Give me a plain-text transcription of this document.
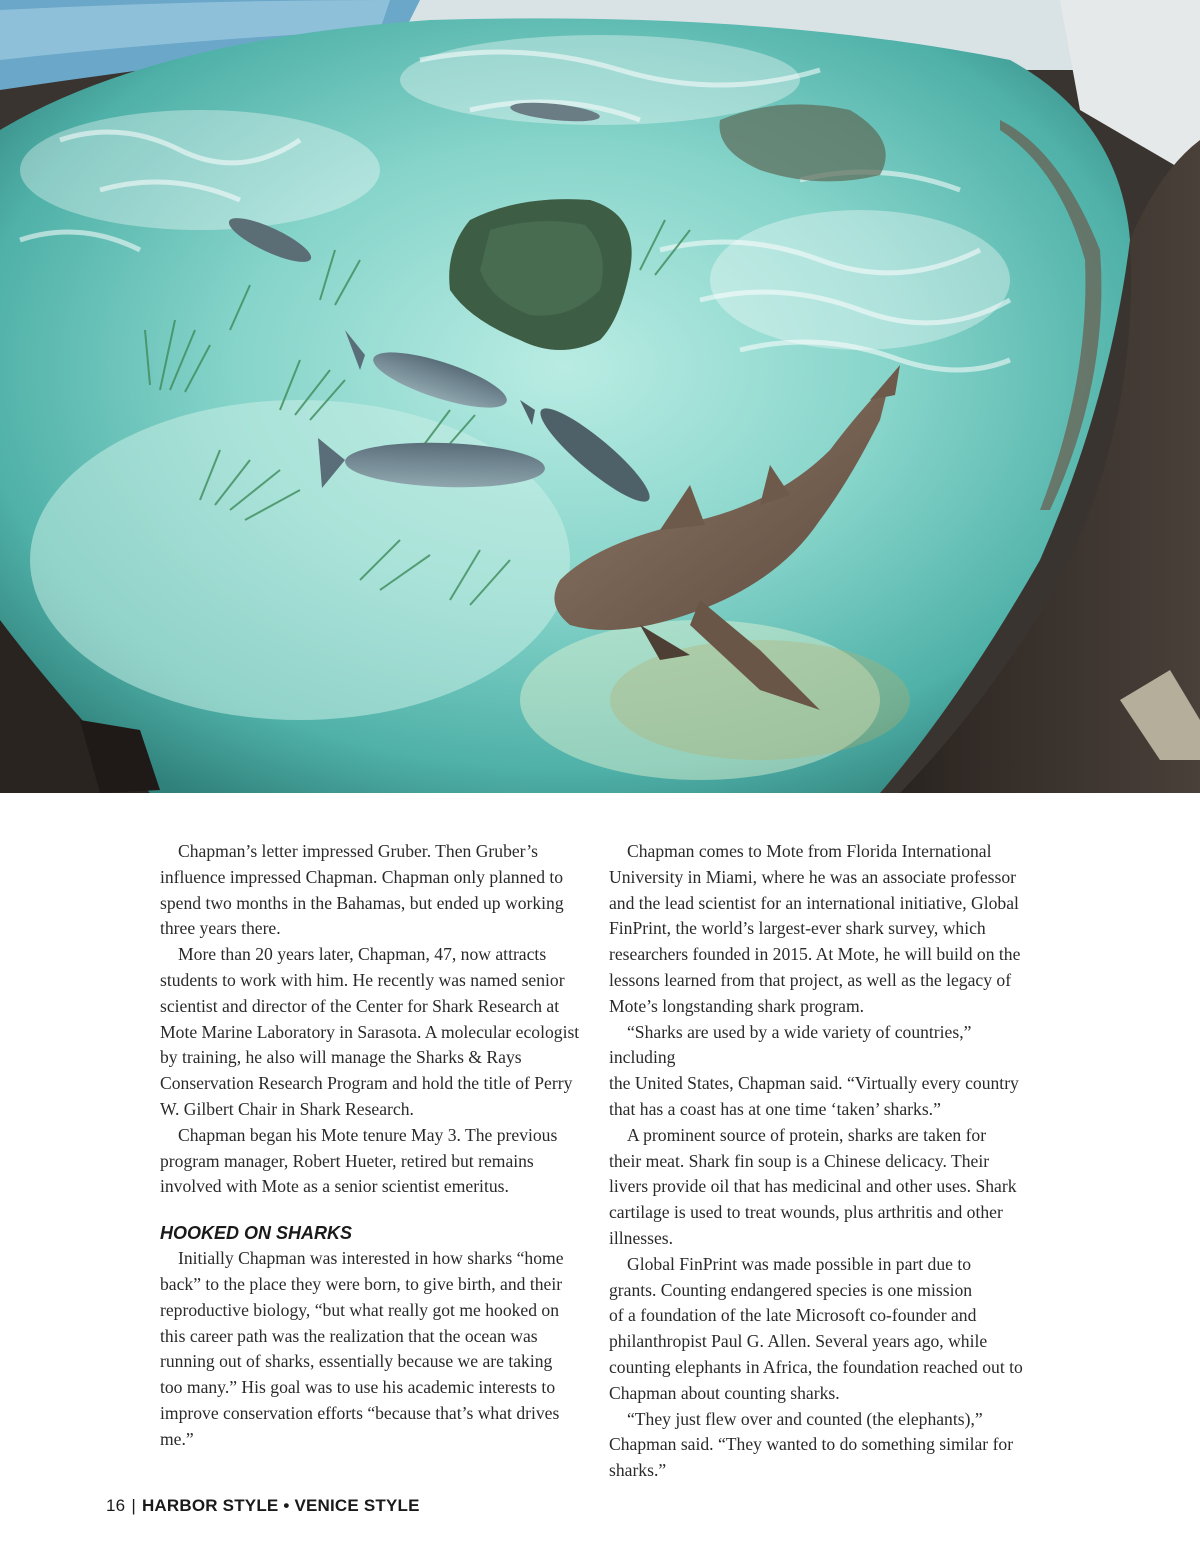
Chapman’s letter impressed Gruber. Then Gruber’s
influence impressed Chapman. Chapman only planned to

spend two months in the Bahamas, but ended up working
three years there.

More than 20 years later, Chapman, 47, now attracts

students to work with him. He recently was named senior
scientist and director of the Center for Shark Research at
Mote Marine Laboratory in Sarasota. A molecular ecologist
by training, he also will manage the Sharks & Rays
Conservation Research Program and hold the title of Perry
W. Gilbert Chair in Shark Research.

Chapman began his Mote tenure May 3. The previous

program manager, Robert Hueter, retired but remains
involved with Mote as a senior scientist emeritus.

HOOKED ON SHARKS

Initially Chapman was interested in how sharks “home

back” to the place they were born, to give birth, and their
reproductive biology, “but what really got me hooked on
this career path was the realization that the ocean was
running out of sharks, essentially because we are taking
too many.” His goal was to use his academic interests to
improve conservation efforts “because that’s what drives
me.”

Chapman comes to Mote from Florida International

University in Miami, where he was an associate professor
and the lead scientist for an international initiative, Global
FinPrint, the world’s largest-ever shark survey, which
researchers founded in 2015. At Mote, he will build on the
lessons learned from that project, as well as the legacy of
Mote’s longstanding shark program.

“Sharks are used by a wide variety of countries,” including

the United States, Chapman said. “Virtually every country
that has a coast has at one time ‘taken’ sharks.”

A prominent source of protein, sharks are taken for

their meat. Shark fin soup is a Chinese delicacy. Their
livers provide oil that has medicinal and other uses. Shark
cartilage is used to treat wounds, plus arthritis and other
illnesses.

Global FinPrint was made possible in part due to

grants. Counting endangered species is one mission
of a foundation of the late Microsoft co-founder and
philanthropist Paul G. Allen. Several years ago, while
counting elephants in Africa, the foundation reached out to
Chapman about counting sharks.

“They just flew over and counted (the elephants),”

Chapman said. “They wanted to do something similar for
sharks.”

16 | HARBOR STYLE • VENICE STYLE
